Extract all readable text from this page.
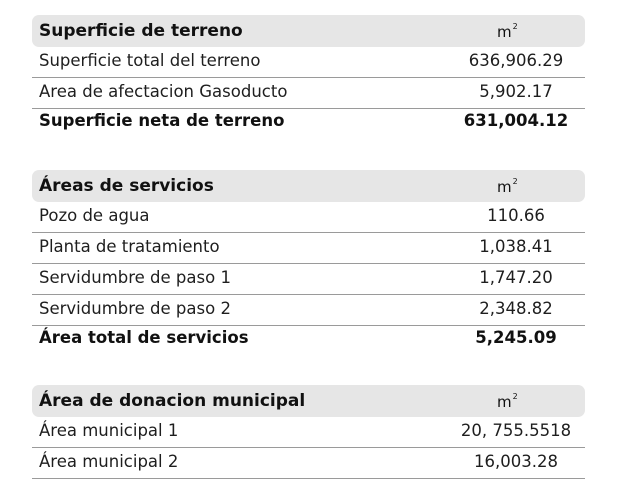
Superficie de terreno	$m^2$
Superficie total del terreno	636,906.29
Area de afectacion Gasoducto	5,902.17
Superficie neta de terreno	631,004.12
Áreas de servicios	$m^2$
Pozo de agua	110.66
Planta de tratamiento	1,038.41
Servidumbre de paso 1	1,747.20
Servidumbre de paso 2	2,348.82
Área total de servicios	5,245.09
Área de donacion municipal	$m^2$
Área municipal 1	20, 755.5518
Área municipal 2	16,003.28
